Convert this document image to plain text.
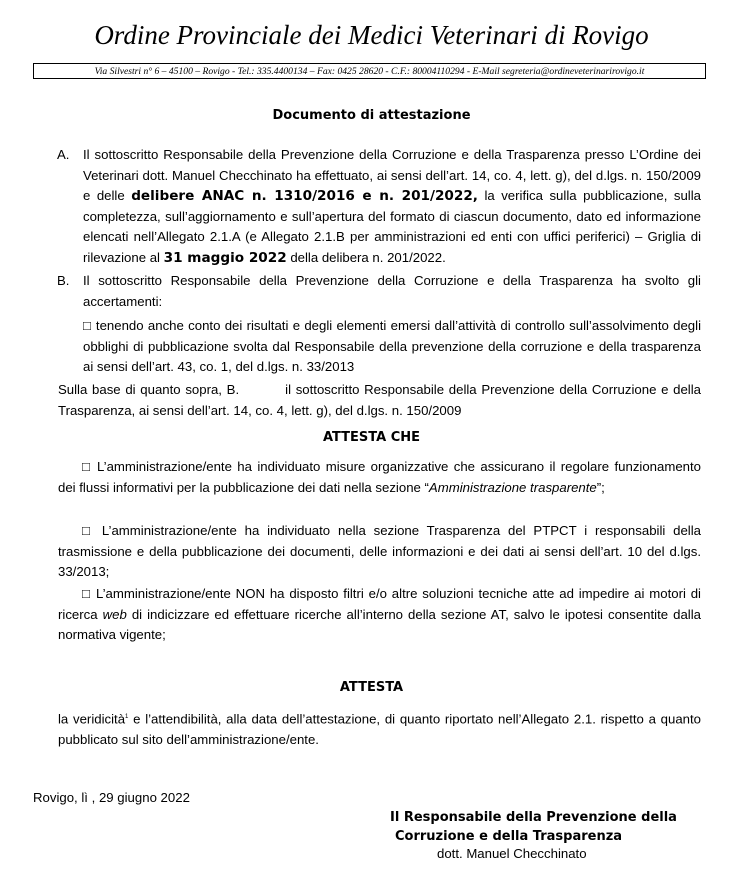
Ordine Provinciale dei Medici Veterinari di Rovigo
Via Silvestri n° 6 – 45100 – Rovigo - Tel.: 335.4400134 – Fax: 0425 28620 - C.F.: 80004110294 - E-Mail segreteria@ordineveterinarirovigo.it
Documento di attestazione
A. Il sottoscritto Responsabile della Prevenzione della Corruzione e della Trasparenza presso L’Ordine dei Veterinari dott. Manuel Checchinato ha effettuato, ai sensi dell’art. 14, co. 4, lett. g), del d.lgs. n. 150/2009 e delle delibere ANAC n. 1310/2016 e n. 201/2022, la verifica sulla pubblicazione, sulla completezza, sull’aggiornamento e sull’apertura del formato di ciascun documento, dato ed informazione elencati nell’Allegato 2.1.A (e Allegato 2.1.B per amministrazioni ed enti con uffici periferici) – Griglia di rilevazione al 31 maggio 2022 della delibera n. 201/2022.
B. Il sottoscritto Responsabile della Prevenzione della Corruzione e della Trasparenza ha svolto gli accertamenti:
□ tenendo anche conto dei risultati e degli elementi emersi dall’attività di controllo sull’assolvimento degli obblighi di pubblicazione svolta dal Responsabile della prevenzione della corruzione e della trasparenza ai sensi dell’art. 43, co. 1, del d.lgs. n. 33/2013
Sulla base di quanto sopra, B.	il sottoscritto Responsabile della Prevenzione della Corruzione e della Trasparenza, ai sensi dell’art. 14, co. 4, lett. g), del d.lgs. n. 150/2009
ATTESTA CHE
□ L’amministrazione/ente ha individuato misure organizzative che assicurano il regolare funzionamento dei flussi informativi per la pubblicazione dei dati nella sezione “Amministrazione trasparente”;
□ L’amministrazione/ente ha individuato nella sezione Trasparenza del PTPCT i responsabili della trasmissione e della pubblicazione dei documenti, delle informazioni e dei dati ai sensi dell’art. 10 del d.lgs. 33/2013;
□ L’amministrazione/ente NON ha disposto filtri e/o altre soluzioni tecniche atte ad impedire ai motori di ricerca web di indicizzare ed effettuare ricerche all’interno della sezione AT, salvo le ipotesi consentite dalla normativa vigente;
ATTESTA
la veridicità$^1$ e l’attendibilità, alla data dell’attestazione, di quanto riportato nell’Allegato 2.1. rispetto a quanto pubblicato sul sito dell’amministrazione/ente.
Rovigo, lì , 29 giugno 2022
Il Responsabile della Prevenzione della
Corruzione e della Trasparenza
dott. Manuel Checchinato
